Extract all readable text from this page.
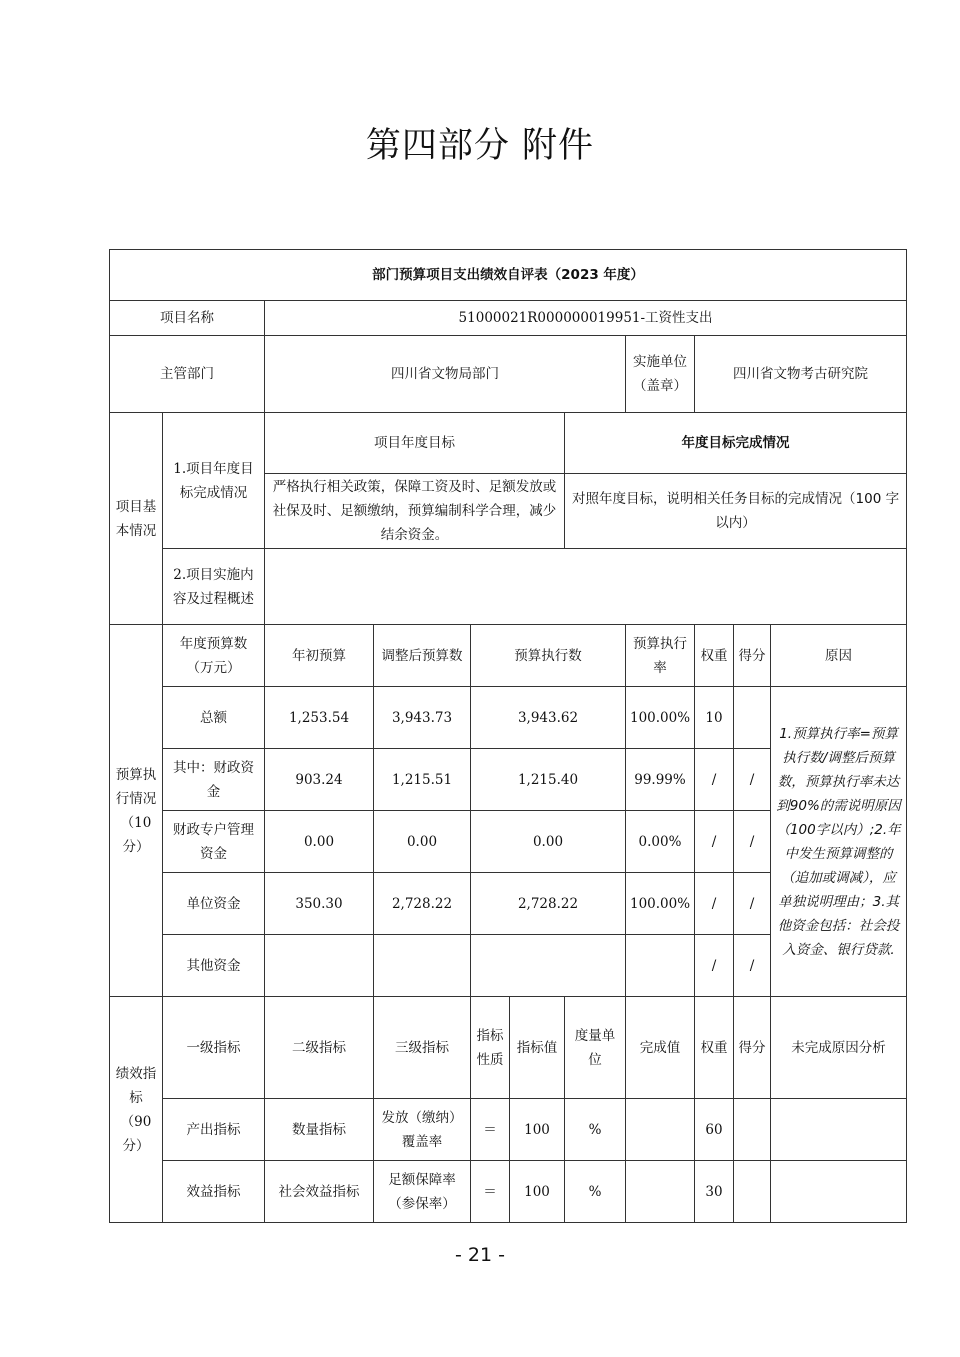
第四部分 附件
部门预算项目支出绩效自评表（2023 年度）										
项目名称		51000021R000000019951-工资性支出								
主管部门		四川省文物局部门					实施单位（盖章）	四川省文物考古研究院		
项目基本情况	1.项目年度目标完成情况	项目年度目标				年度目标完成情况				
		严格执行相关政策，保障工资及时、足额发放或社保及时、足额缴纳，预算编制科学合理，减少结余资金。				对照年度目标，说明相关任务目标的完成情况（100 字以内）				
	2.项目实施内容及过程概述									
预算执行情况（10分）	年度预算数（万元）	年初预算	调整后预算数	预算执行数			预算执行率	权重	得分	原因
	总额	1,253.54	3,943.73	3,943.62			100.00%	10		1.预算执行率=预算执行数/调整后预算数，预算执行率未达到90%的需说明原因（100字以内）;2.年中发生预算调整的（追加或调减），应单独说明理由；3.其他资金包括：社会投入资金、银行贷款.
	其中：财政资金	903.24	1,215.51	1,215.40			99.99%	/	/	
	财政专户管理资金	0.00	0.00	0.00			0.00%	/	/	
	单位资金	350.30	2,728.22	2,728.22			100.00%	/	/	
	其他资金							/	/	
绩效指标（90分）	一级指标	二级指标	三级指标	指标性质	指标值	度量单位	完成值	权重	得分	未完成原因分析
	产出指标	数量指标	发放（缴纳）覆盖率	＝	100	%		60		
	效益指标	社会效益指标	足额保障率（参保率）	＝	100	%		30		
- 21 -
